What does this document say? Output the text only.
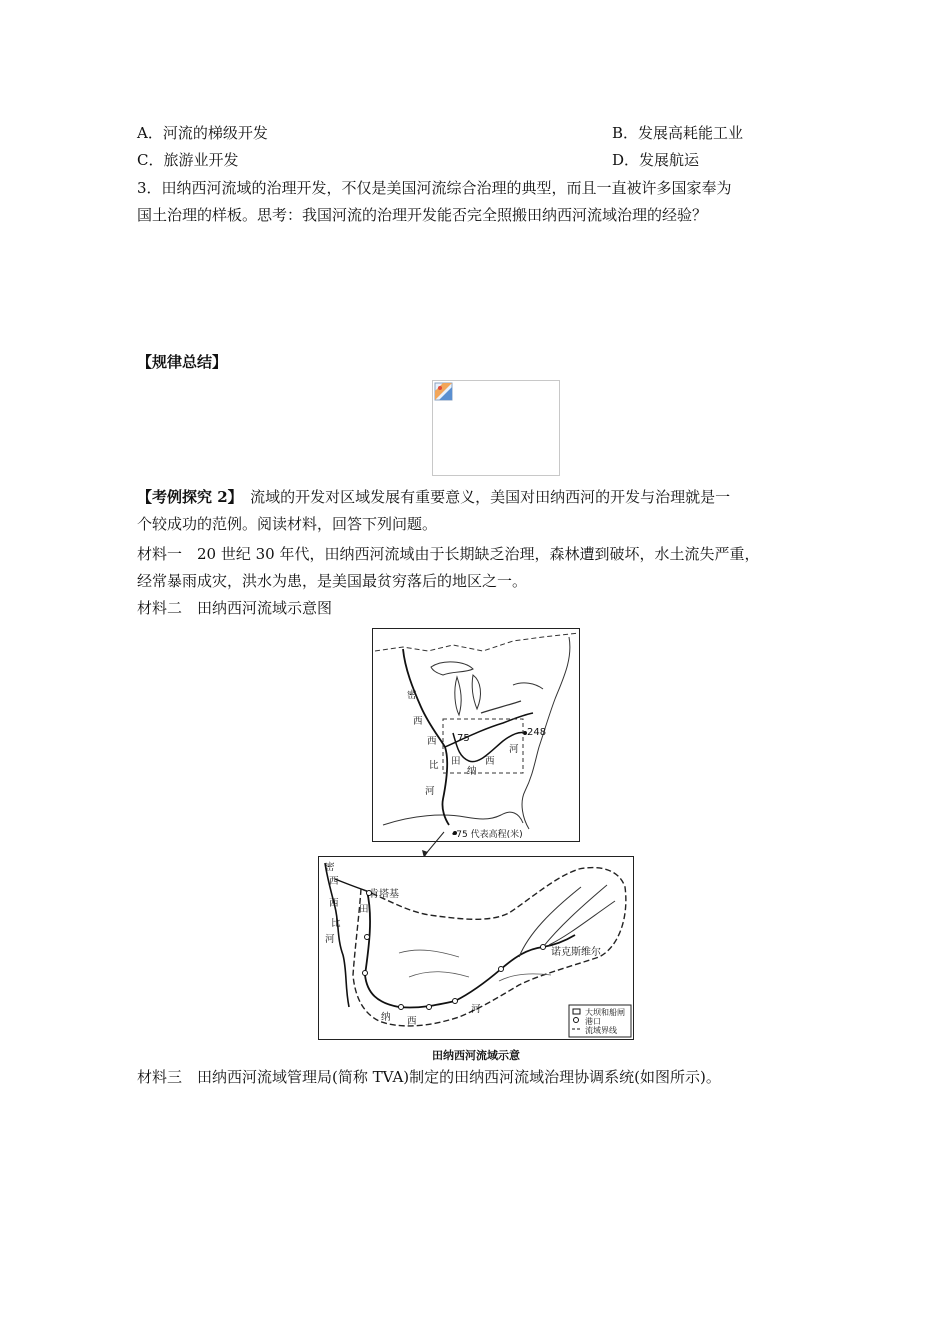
A．河流的梯级开发	B．发展高耗能工业
C．旅游业开发	D．发展航运
3．田纳西河流域的治理开发，不仅是美国河流综合治理的典型，而且一直被许多国家奉为
国土治理的样板。思考：我国河流的治理开发能否完全照搬田纳西河流域治理的经验？
【规律总结】
【考例探究 2】　流域的开发对区域发展有重要意义，美国对田纳西河的开发与治理就是一
个较成功的范例。阅读材料，回答下列问题。
材料一　20 世纪 30 年代，田纳西河流域由于长期缺乏治理，森林遭到破坏，水土流失严重，
经常暴雨成灾，洪水为患，是美国最贫穷落后的地区之一。
材料二　田纳西河流域示意图
密
西
西
比
河
田
纳
西
河
75
248
•75 代表高程(米)
密
西
西
比
河
肯塔基
诺克斯维尔
田
纳 西
河	大坝和船闸
港口
流域界线
田纳西河流域示意
材料三　田纳西河流域管理局(简称 TVA)制定的田纳西河流域治理协调系统(如图所示)。
